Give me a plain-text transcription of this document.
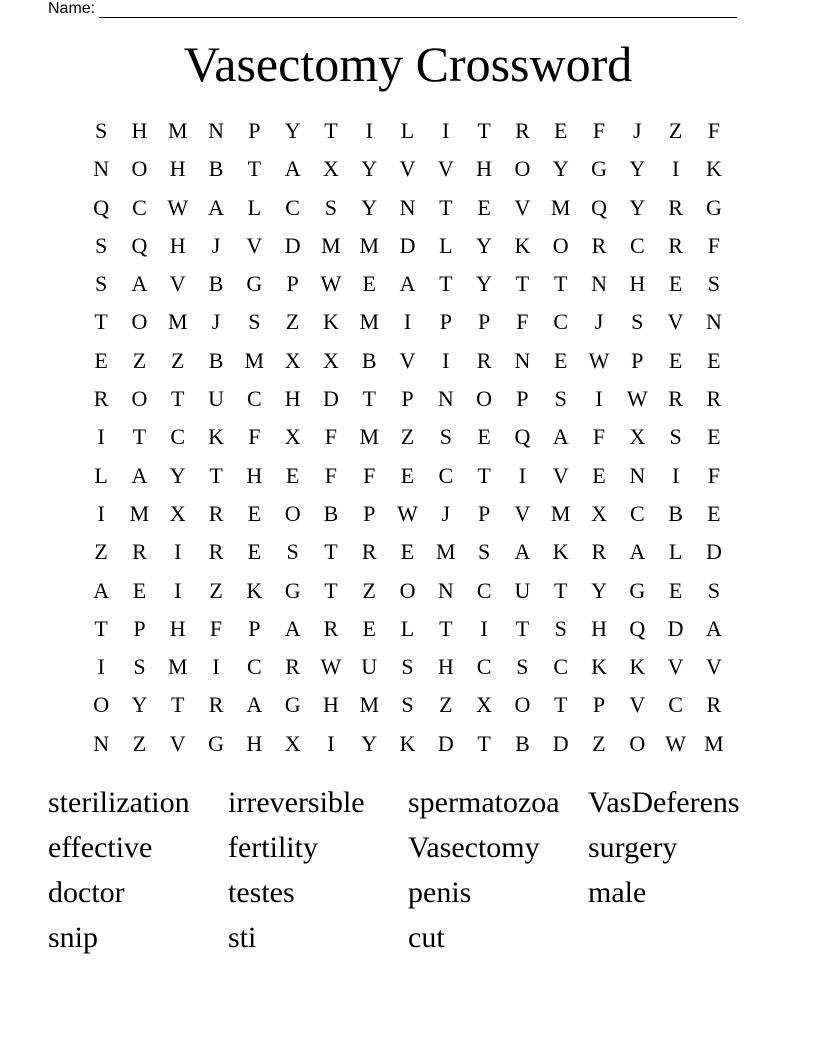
Name:
Vasectomy Crossword
S	H M N	P	Y	T	I	L	I	T	R	E	F	J	Z	F
N	O	H	B	T	A	X	Y	V	V	H	O	Y	G	Y	I	K
Q	C W A	L	C	S	Y	N	T	E	V M Q	Y	R	G
S	Q	H	J	V	D M M D	L	Y	K	O	R	C	R	F
S	A	V	B	G	P W E	A	T	Y	T	T	N	H	E	S
T	O M	J	S	Z	K M	I	P	P	F	C	J	S	V	N
E	Z	Z	B M X	X	B	V	I	R	N	E W P	E	E
R	O	T	U	C	H	D	T	P	N	O	P	S	I	W R	R
I	T	C	K	F	X	F	M Z	S	E	Q	A	F	X	S	E
L	A	Y	T	H	E	F	F	E	C	T	I	V	E	N	I	F
I	M X	R	E	O	B	P W	J	P	V M X	C	B	E
Z	R	I	R	E	S	T	R	E M	S	A	K	R	A	L	D
A	E	I	Z	K	G	T	Z	O	N	C	U	T	Y	G	E	S
T	P	H	F	P	A	R	E	L	T	I	T	S	H	Q	D	A
I	S	M	I	C	R W U	S	H	C	S	C	K	K	V	V
O	Y	T	R	A	G	H M	S	Z	X	O	T	P	V	C	R
N	Z	V	G	H	X	I	Y	K	D	T	B	D	Z	O W M
sterilization	irreversible	spermatozoa VasDeferens
effective	fertility	Vasectomy	surgery
doctor	testes	penis	male
snip	sti	cut
